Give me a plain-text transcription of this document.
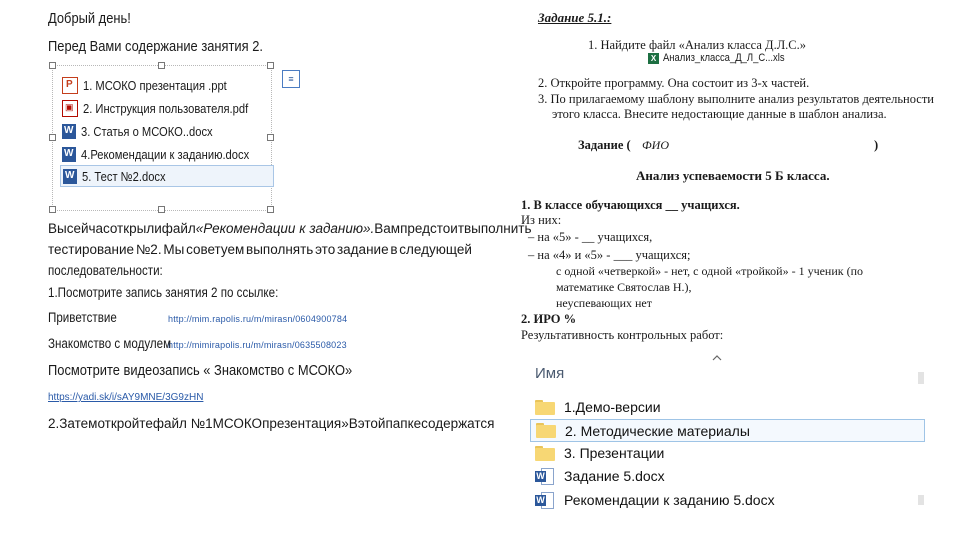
Добрый день!
Перед Вами содержание занятия 2.
≡
P
1. МСОКО презентация .ppt
▣
2. Инструкция пользователя.pdf
W
3. Статья о МСОКО..docx
W
4.Рекомендации к заданию.docx
W
5. Тест №2.docx
Вы сейчас открыли файл «Рекомендации к заданию». Вам предстоит выполнить
тестирование №2. Мы советуем выполнять это задание в следующей
последовательности:
1.Посмотрите запись занятия 2 по ссылке:
Приветствие	http://mim.rapolis.ru/m/mirasn/0604900784
Знакомство с модулем
http://mimirapolis.ru/m/mirasn/0635508023
Посмотрите видеозапись « Знакомство с МСОКО»
https://yadi.sk/i/sAY9MNE/3G9zHN
2. Затем откройте файл №1 МСОКО презентация» В этой папке содержатся
Задание 5.1.:
1. Найдите файл «Анализ класса Д.Л.С.»
X Анализ_класса_Д_Л_С...xls
2. Откройте программу. Она состоит из 3-х частей.
3. По прилагаемому шаблону выполните анализ результатов деятельности
этого класса. Внесите недостающие данные в шаблон анализа.
Задание ( ФИО	)
Анализ успеваемости 5 Б класса.
1. В классе обучающихся __ учащихся.
Из них:
– на «5» - __ учащихся,
– на «4» и «5» - ___ учащихся;
с одной «четверкой» - нет, с одной «тройкой» - 1 ученик (по
математике Святослав Н.),
неуспевающих нет
2. ИРО %
Результативность контрольных работ:
Имя
1.Демо-версии
2. Методические материалы
3. Презентации
W
Задание 5.docx
W
Рекомендации к заданию 5.docx
